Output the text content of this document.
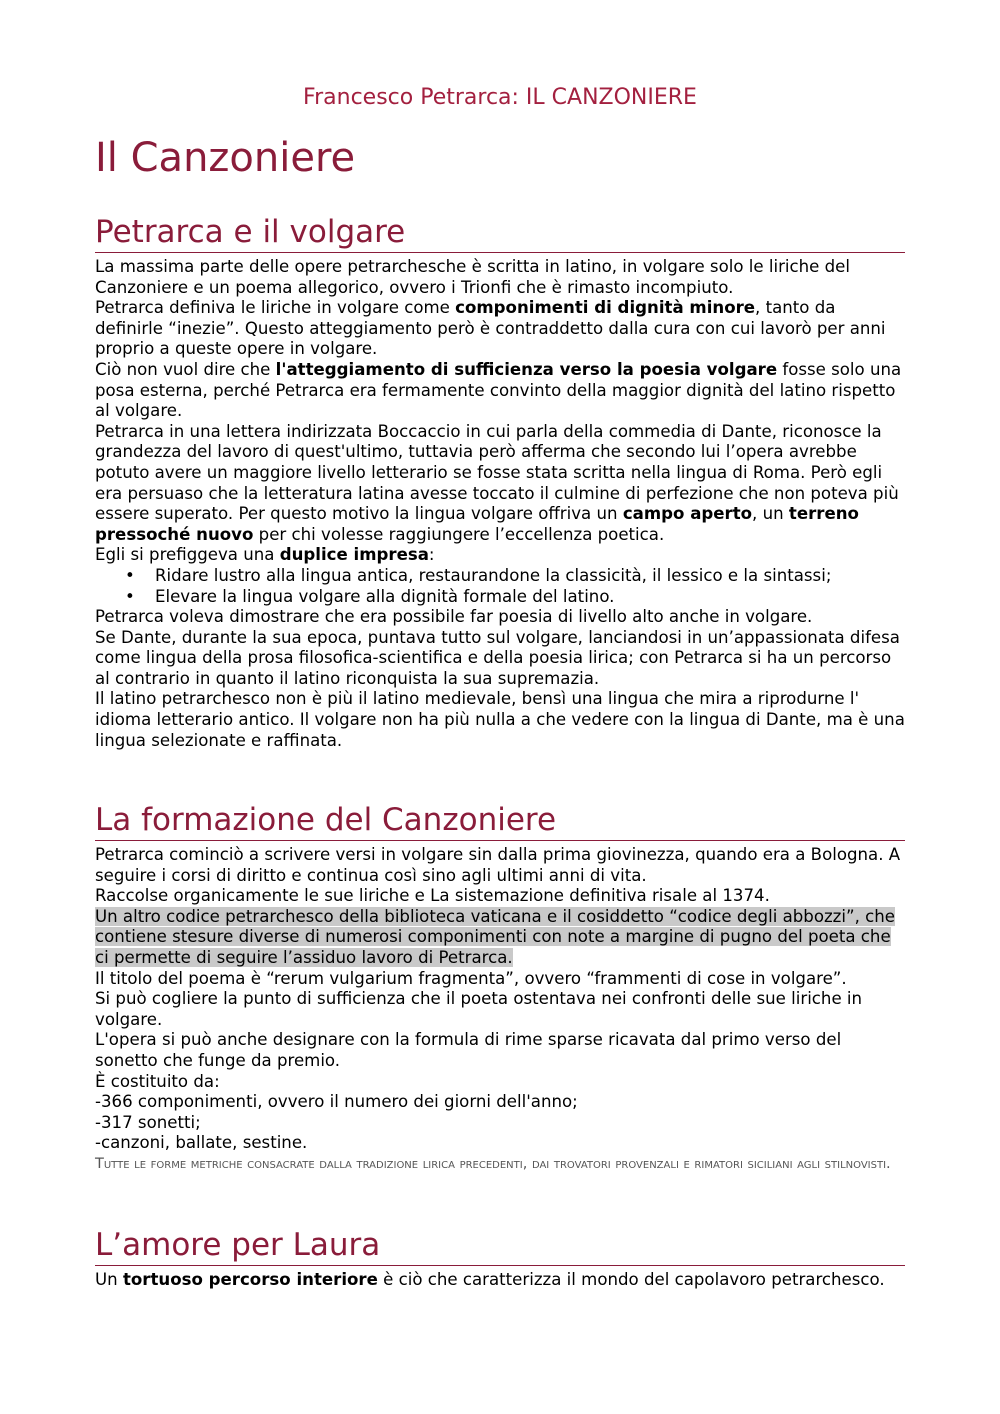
Francesco Petrarca: IL CANZONIERE

Il Canzoniere
Petrarca e il volgare

La massima parte delle opere petrarchesche è scritta in latino, in volgare solo le liriche del Canzoniere e un poema allegorico, ovvero i Trionfi che è rimasto incompiuto.

Petrarca definiva le liriche in volgare come componimenti di dignità minore, tanto da definirle “inezie”. Questo atteggiamento però è contraddetto dalla cura con cui lavorò per anni proprio a queste opere in volgare.

Ciò non vuol dire che l'atteggiamento di sufficienza verso la poesia volgare fosse solo una posa esterna, perché Petrarca era fermamente convinto della maggior dignità del latino rispetto al volgare.

Petrarca in una lettera indirizzata Boccaccio in cui parla della commedia di Dante, riconosce la grandezza del lavoro di quest'ultimo, tuttavia però afferma che secondo lui l’opera avrebbe potuto avere un maggiore livello letterario se fosse stata scritta nella lingua di Roma. Però egli era persuaso che la letteratura latina avesse toccato il culmine di perfezione che non poteva più essere superato. Per questo motivo la lingua volgare offriva un campo aperto, un terreno pressoché nuovo per chi volesse raggiungere l’eccellenza poetica.

Egli si prefiggeva una duplice impresa:

• Ridare lustro alla lingua antica, restaurandone la classicità, il lessico e la sintassi;
• Elevare la lingua volgare alla dignità formale del latino.

Petrarca voleva dimostrare che era possibile far poesia di livello alto anche in volgare.

Se Dante, durante la sua epoca, puntava tutto sul volgare, lanciandosi in un’appassionata difesa come lingua della prosa filosofica-scientifica e della poesia lirica; con Petrarca si ha un percorso al contrario in quanto il latino riconquista la sua supremazia.

Il latino petrarchesco non è più il latino medievale, bensì una lingua che mira a riprodurne l' idioma letterario antico. Il volgare non ha più nulla a che vedere con la lingua di Dante, ma è una lingua selezionate e raffinata.

La formazione del Canzoniere

Petrarca cominciò a scrivere versi in volgare sin dalla prima giovinezza, quando era a Bologna. A seguire i corsi di diritto e continua così sino agli ultimi anni di vita.

Raccolse organicamente le sue liriche e La sistemazione definitiva risale al 1374.

Un altro codice petrarchesco della biblioteca vaticana e il cosiddetto “codice degli abbozzi”, che contiene stesure diverse di numerosi componimenti con note a margine di pugno del poeta che ci permette di seguire l’assiduo lavoro di Petrarca.

Il titolo del poema è “rerum vulgarium fragmenta”, ovvero “frammenti di cose in volgare”.

Si può cogliere la punto di sufficienza che il poeta ostentava nei confronti delle sue liriche in volgare.

L'opera si può anche designare con la formula di rime sparse ricavata dal primo verso del sonetto che funge da premio.

È costituito da:

-366 componimenti, ovvero il numero dei giorni dell'anno;

-317 sonetti;

-canzoni, ballate, sestine.

Tutte le forme metriche consacrate dalla tradizione lirica precedenti, dai trovatori provenzali e rimatori siciliani agli stilnovisti.

L’amore per Laura

Un tortuoso percorso interiore è ciò che caratterizza il mondo del capolavoro petrarchesco.
